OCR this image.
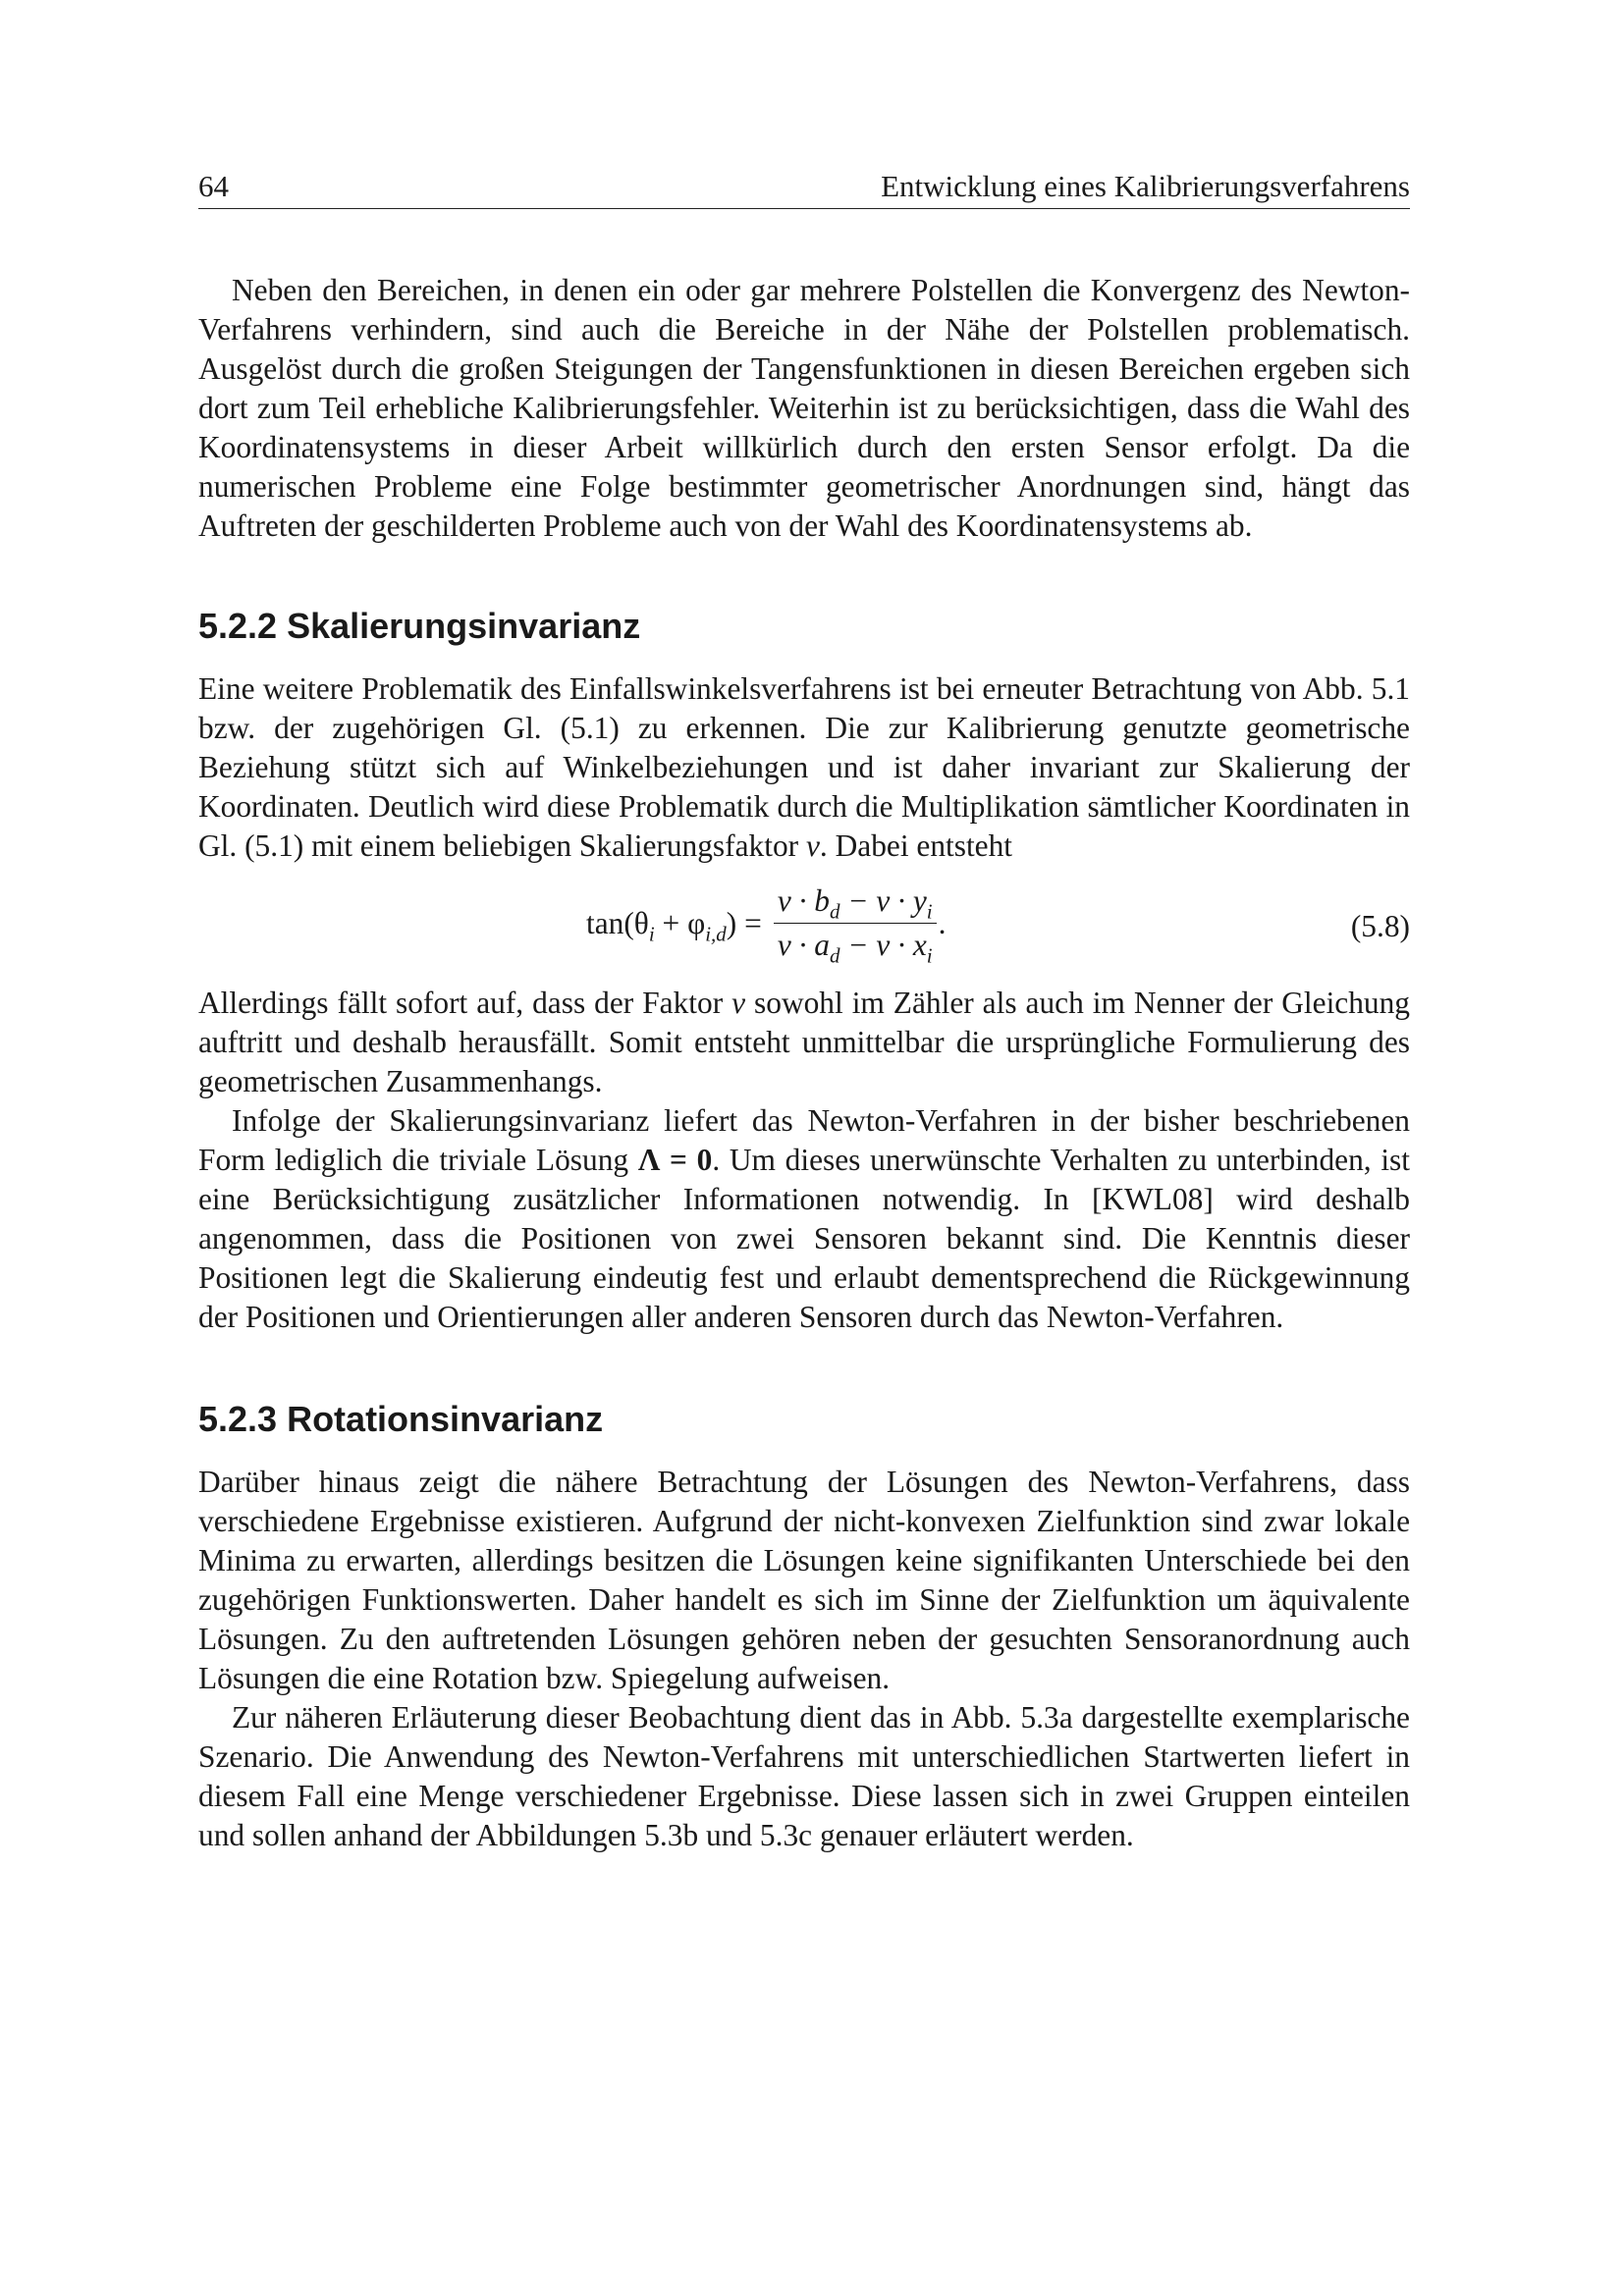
64	Entwicklung eines Kalibrierungsverfahrens

Neben den Bereichen, in denen ein oder gar mehrere Polstellen die Konvergenz des Newton-Verfahrens verhindern, sind auch die Bereiche in der Nähe der Polstellen problematisch. Ausgelöst durch die großen Steigungen der Tangensfunktionen in diesen Bereichen ergeben sich dort zum Teil erhebliche Kalibrierungsfehler. Weiterhin ist zu berücksichtigen, dass die Wahl des Koordinatensystems in dieser Arbeit willkürlich durch den ersten Sensor erfolgt. Da die numerischen Probleme eine Folge bestimmter geometrischer Anordnungen sind, hängt das Auftreten der geschilderten Probleme auch von der Wahl des Koordinatensystems ab.

5.2.2 Skalierungsinvarianz

Eine weitere Problematik des Einfallswinkelsverfahrens ist bei erneuter Betrachtung von Abb. 5.1 bzw. der zugehörigen Gl. (5.1) zu erkennen. Die zur Kalibrierung genutzte geometrische Beziehung stützt sich auf Winkelbeziehungen und ist daher invariant zur Skalierung der Koordinaten. Deutlich wird diese Problematik durch die Multiplikation sämtlicher Koordinaten in Gl. (5.1) mit einem beliebigen Skalierungsfaktor ν. Dabei entsteht

$\tan(\theta_i + \varphi_{i,d}) = \frac{\nu \cdot b_d - \nu \cdot y_i}{\nu \cdot a_d - \nu \cdot x_i}$ .	(5.8)

Allerdings fällt sofort auf, dass der Faktor ν sowohl im Zähler als auch im Nenner der Gleichung auftritt und deshalb herausfällt. Somit entsteht unmittelbar die ursprüngliche Formulierung des geometrischen Zusammenhangs.

Infolge der Skalierungsinvarianz liefert das Newton-Verfahren in der bisher beschriebenen Form lediglich die triviale Lösung Λ = 0. Um dieses unerwünschte Verhalten zu unterbinden, ist eine Berücksichtigung zusätzlicher Informationen notwendig. In [KWL08] wird deshalb angenommen, dass die Positionen von zwei Sensoren bekannt sind. Die Kenntnis dieser Positionen legt die Skalierung eindeutig fest und erlaubt dementsprechend die Rückgewinnung der Positionen und Orientierungen aller anderen Sensoren durch das Newton-Verfahren.

5.2.3 Rotationsinvarianz

Darüber hinaus zeigt die nähere Betrachtung der Lösungen des Newton-Verfahrens, dass verschiedene Ergebnisse existieren. Aufgrund der nicht-konvexen Zielfunktion sind zwar lokale Minima zu erwarten, allerdings besitzen die Lösungen keine signifikanten Unterschiede bei den zugehörigen Funktionswerten. Daher handelt es sich im Sinne der Zielfunktion um äquivalente Lösungen. Zu den auftretenden Lösungen gehören neben der gesuchten Sensoranordnung auch Lösungen die eine Rotation bzw. Spiegelung aufweisen.

Zur näheren Erläuterung dieser Beobachtung dient das in Abb. 5.3a dargestellte exemplarische Szenario. Die Anwendung des Newton-Verfahrens mit unterschiedlichen Startwerten liefert in diesem Fall eine Menge verschiedener Ergebnisse. Diese lassen sich in zwei Gruppen einteilen und sollen anhand der Abbildungen 5.3b und 5.3c genauer erläutert werden.
